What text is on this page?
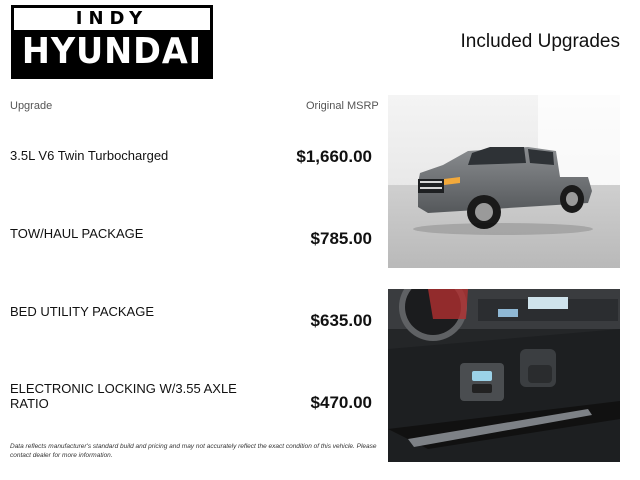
INDY
HYUNDAI	Included Upgrades
Upgrade	Original MSRP
3.5L V6 Twin Turbocharged	$1,660.00
TOW/HAUL PACKAGE	$785.00
BED UTILITY PACKAGE	$635.00
ELECTRONIC LOCKING W/3.55 AXLE RATIO	$470.00
Data reflects manufacturer's standard build and pricing and may not accurately reflect the exact condition of this vehicle. Please contact dealer for more information.
